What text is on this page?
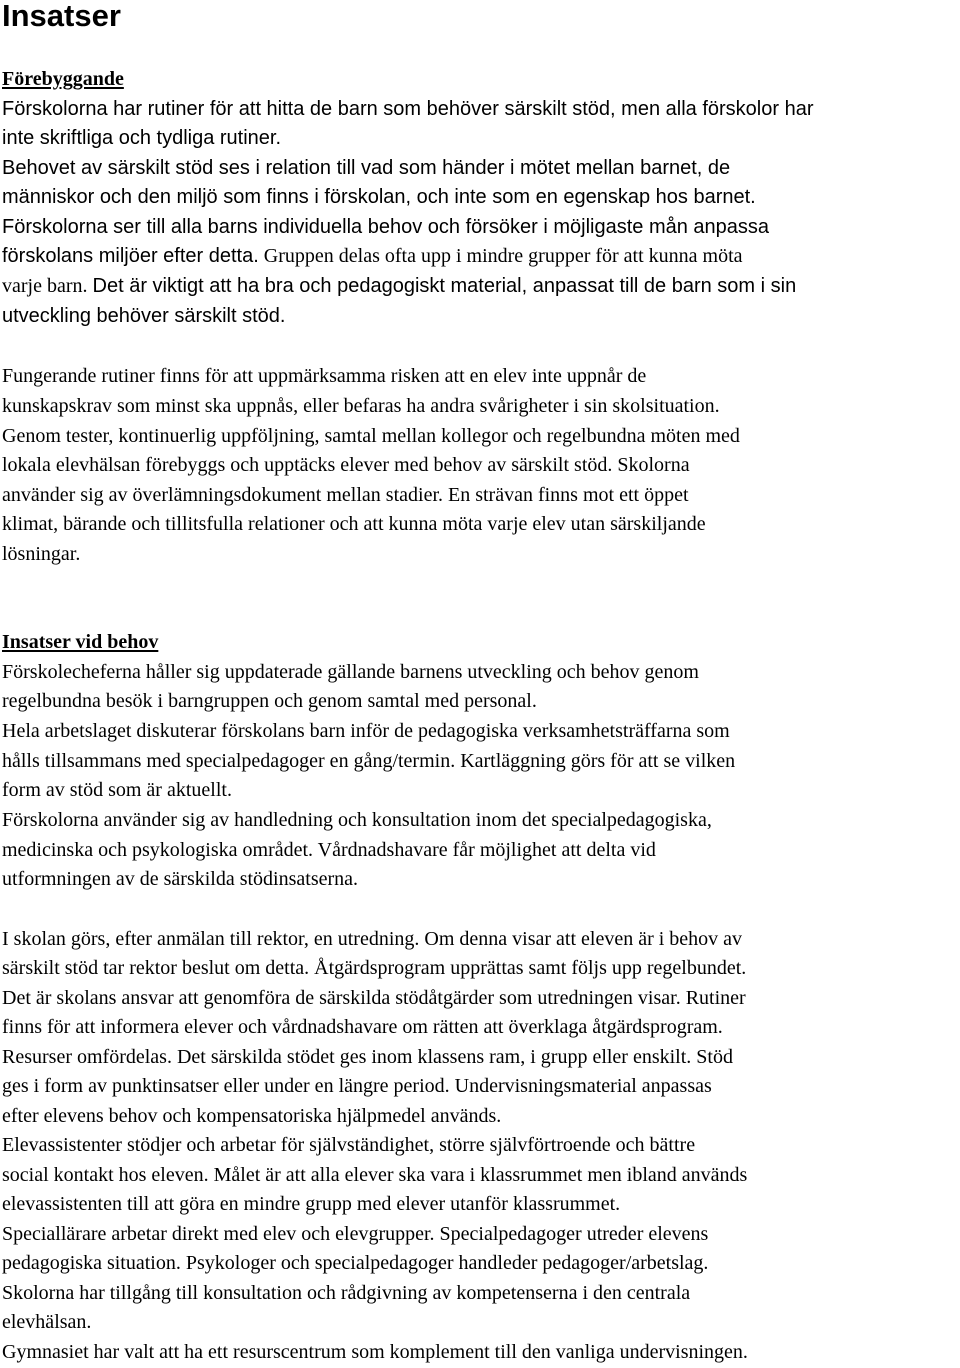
Insatser

Förebyggande

Förskolorna har rutiner för att hitta de barn som behöver särskilt stöd, men alla förskolor har

inte skriftliga och tydliga rutiner.

Behovet av särskilt stöd ses i relation till vad som händer i mötet mellan barnet, de

människor och den miljö som finns i förskolan, och inte som en egenskap hos barnet.

Förskolorna ser till alla barns individuella behov och försöker i möjligaste mån anpassa

förskolans miljöer efter detta. Gruppen delas ofta upp i mindre grupper för att kunna möta

varje barn. Det är viktigt att ha bra och pedagogiskt material, anpassat till de barn som i sin

utveckling behöver särskilt stöd.

Fungerande rutiner finns för att uppmärksamma risken att en elev inte uppnår de

kunskapskrav som minst ska uppnås, eller befaras ha andra svårigheter i sin skolsituation.

Genom tester, kontinuerlig uppföljning, samtal mellan kollegor och regelbundna möten med

lokala elevhälsan förebyggs och upptäcks elever med behov av särskilt stöd. Skolorna

använder sig av överlämningsdokument mellan stadier. En strävan finns mot ett öppet

klimat, bärande och tillitsfulla relationer och att kunna möta varje elev utan särskiljande

lösningar.

Insatser vid behov

Förskolecheferna håller sig uppdaterade gällande barnens utveckling och behov genom

regelbundna besök i barngruppen och genom samtal med personal.

Hela arbetslaget diskuterar förskolans barn inför de pedagogiska verksamhetsträffarna som

hålls tillsammans med specialpedagoger en gång/termin. Kartläggning görs för att se vilken

form av stöd som är aktuellt.

Förskolorna använder sig av handledning och konsultation inom det specialpedagogiska,

medicinska och psykologiska området. Vårdnadshavare får möjlighet att delta vid

utformningen av de särskilda stödinsatserna.

I skolan görs, efter anmälan till rektor, en utredning. Om denna visar att eleven är i behov av

särskilt stöd tar rektor beslut om detta. Åtgärdsprogram upprättas samt följs upp regelbundet.

Det är skolans ansvar att genomföra de särskilda stödåtgärder som utredningen visar. Rutiner

finns för att informera elever och vårdnadshavare om rätten att överklaga åtgärdsprogram.

Resurser omfördelas. Det särskilda stödet ges inom klassens ram, i grupp eller enskilt. Stöd

ges i form av punktinsatser eller under en längre period. Undervisningsmaterial anpassas

efter elevens behov och kompensatoriska hjälpmedel används.

Elevassistenter stödjer och arbetar för självständighet, större självförtroende och bättre

social kontakt hos eleven. Målet är att alla elever ska vara i klassrummet men ibland används

elevassistenten till att göra en mindre grupp med elever utanför klassrummet.

Speciallärare arbetar direkt med elev och elevgrupper. Specialpedagoger utreder elevens

pedagogiska situation. Psykologer och specialpedagoger handleder pedagoger/arbetslag.

Skolorna har tillgång till konsultation och rådgivning av kompetenserna i den centrala

elevhälsan.

Gymnasiet har valt att ha ett resurscentrum som komplement till den vanliga undervisningen.
